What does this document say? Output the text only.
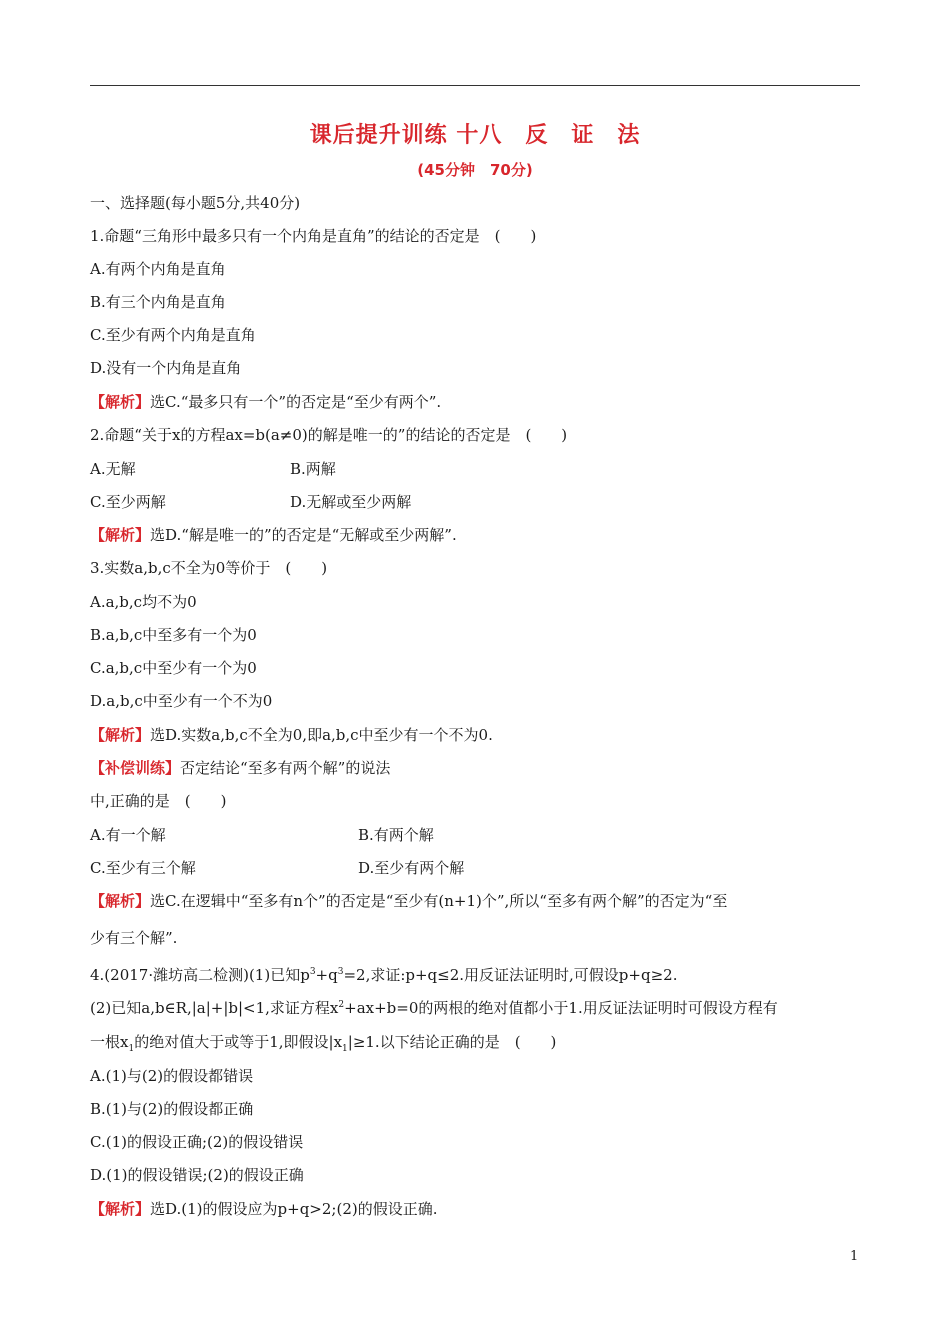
课后提升训练 十八　反　证　法
(45分钟　70分)
一、选择题(每小题5分,共40分)
1.命题“三角形中最多只有一个内角是直角”的结论的否定是　(　　)
A.有两个内角是直角
B.有三个内角是直角
C.至少有两个内角是直角
D.没有一个内角是直角
【解析】选C.“最多只有一个”的否定是“至少有两个”.
2.命题“关于x的方程ax=b(a≠0)的解是唯一的”的结论的否定是　(　　)
A.无解	B.两解
C.至少两解	D.无解或至少两解
【解析】选D.“解是唯一的”的否定是“无解或至少两解”.
3.实数a,b,c不全为0等价于　(　　)
A.a,b,c均不为0
B.a,b,c中至多有一个为0
C.a,b,c中至少有一个为0
D.a,b,c中至少有一个不为0
【解析】选D.实数a,b,c不全为0,即a,b,c中至少有一个不为0.
【补偿训练】否定结论“至多有两个解”的说法
中,正确的是　(　　)
A.有一个解	B.有两个解
C.至少有三个解	D.至少有两个解
【解析】选C.在逻辑中“至多有n个”的否定是“至少有(n+1)个”,所以“至多有两个解”的否定为“至
少有三个解”.
4.(2017·潍坊高二检测)(1)已知$p^3+q^3=2$,求证:p+q≤2.用反证法证明时,可假设p+q≥2.
(2)已知a,b∈R,|a|+|b|<1,求证方程$x^2+ax+b=0$的两根的绝对值都小于1.用反证法证明时可假设方程有
一根$x_1$的绝对值大于或等于1,即假设$|x_1|\ge 1$.以下结论正确的是　(　　)
A.(1)与(2)的假设都错误
B.(1)与(2)的假设都正确
C.(1)的假设正确;(2)的假设错误
D.(1)的假设错误;(2)的假设正确
【解析】选D.(1)的假设应为p+q>2;(2)的假设正确.
1
